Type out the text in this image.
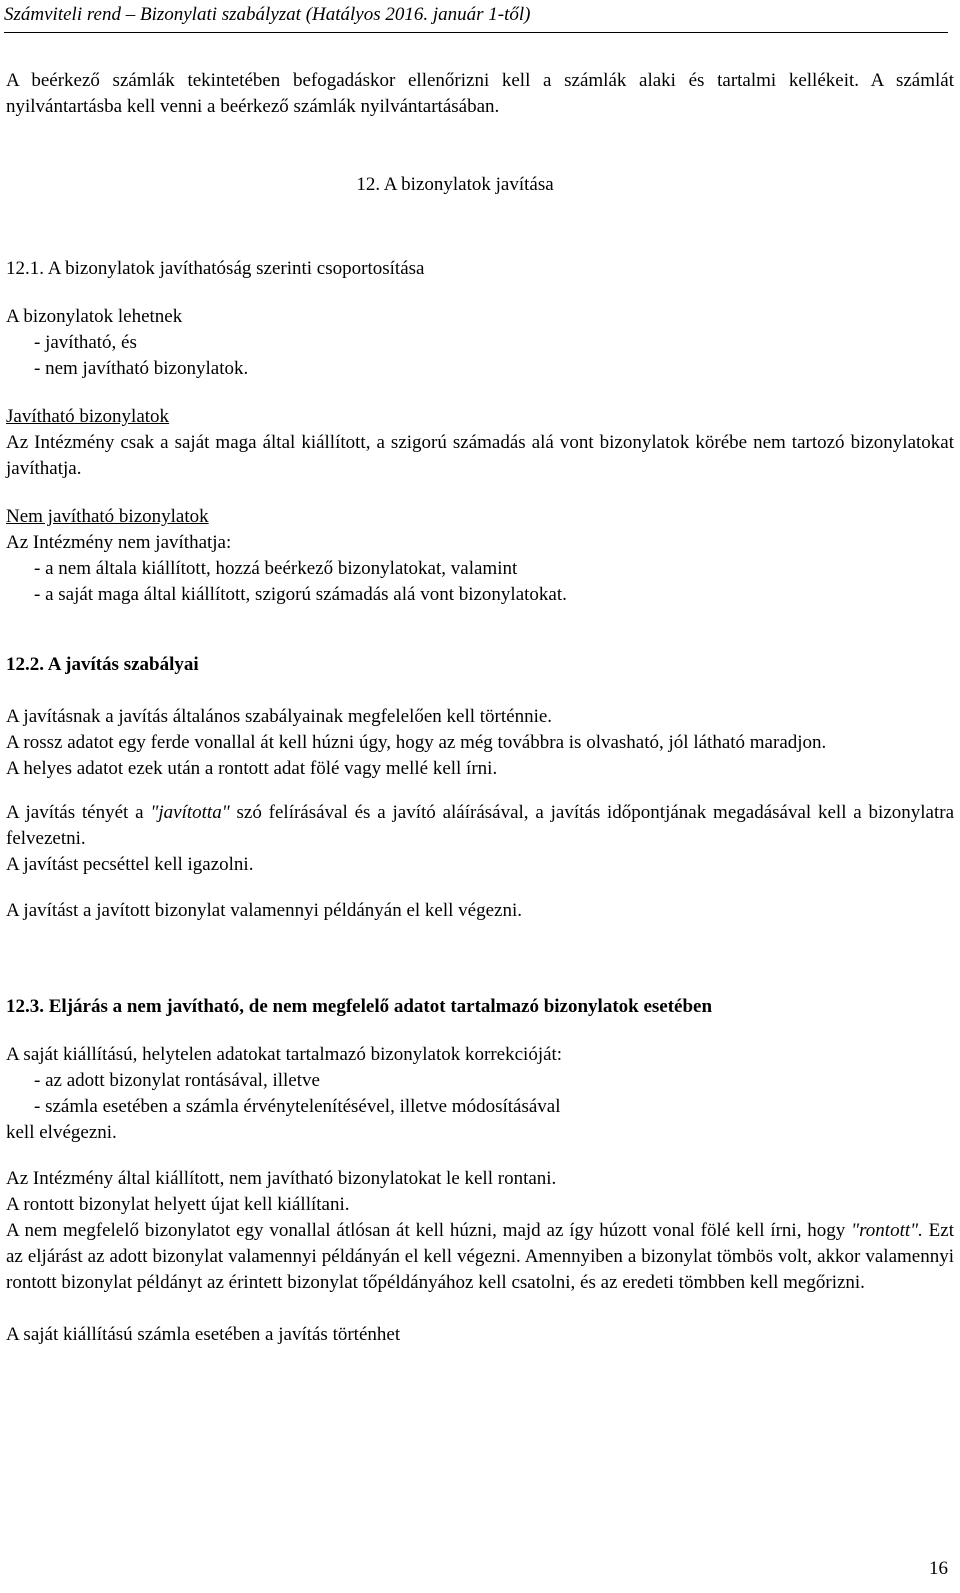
Számviteli rend – Bizonylati szabályzat (Hatályos 2016. január 1-től)

A beérkező számlák tekintetében befogadáskor ellenőrizni kell a számlák alaki és tartalmi kellékeit. A számlát nyilvántartásba kell venni a beérkező számlák nyilvántartásában.

12. A bizonylatok javítása

12.1. A bizonylatok javíthatóság szerinti csoportosítása

A bizonylatok lehetnek

- javítható, és

- nem javítható bizonylatok.

Javítható bizonylatok

Az Intézmény csak a saját maga által kiállított, a szigorú számadás alá vont bizonylatok körébe nem tartozó bizonylatokat javíthatja.

Nem javítható bizonylatok

Az Intézmény nem javíthatja:

- a nem általa kiállított, hozzá beérkező bizonylatokat, valamint

- a saját maga által kiállított, szigorú számadás alá vont bizonylatokat.

12.2. A javítás szabályai

A javításnak a javítás általános szabályainak megfelelően kell történnie.

A rossz adatot egy ferde vonallal át kell húzni úgy, hogy az még továbbra is olvasható, jól látható maradjon.

A helyes adatot ezek után a rontott adat fölé vagy mellé kell írni.

A javítás tényét a "javította" szó felírásával és a javító aláírásával, a javítás időpontjának megadásával kell a bizonylatra felvezetni.

A javítást pecséttel kell igazolni.

A javítást a javított bizonylat valamennyi példányán el kell végezni.

12.3. Eljárás a nem javítható, de nem megfelelő adatot tartalmazó bizonylatok esetében

A saját kiállítású, helytelen adatokat tartalmazó bizonylatok korrekcióját:

- az adott bizonylat rontásával, illetve

- számla esetében a számla érvénytelenítésével, illetve módosításával

kell elvégezni.

Az Intézmény által kiállított, nem javítható bizonylatokat le kell rontani.

A rontott bizonylat helyett újat kell kiállítani.

A nem megfelelő bizonylatot egy vonallal átlósan át kell húzni, majd az így húzott vonal fölé kell írni, hogy "rontott". Ezt az eljárást az adott bizonylat valamennyi példányán el kell végezni. Amennyiben a bizonylat tömbös volt, akkor valamennyi rontott bizonylat példányt az érintett bizonylat tőpéldányához kell csatolni, és az eredeti tömbben kell megőrizni.

A saját kiállítású számla esetében a javítás történhet

16
